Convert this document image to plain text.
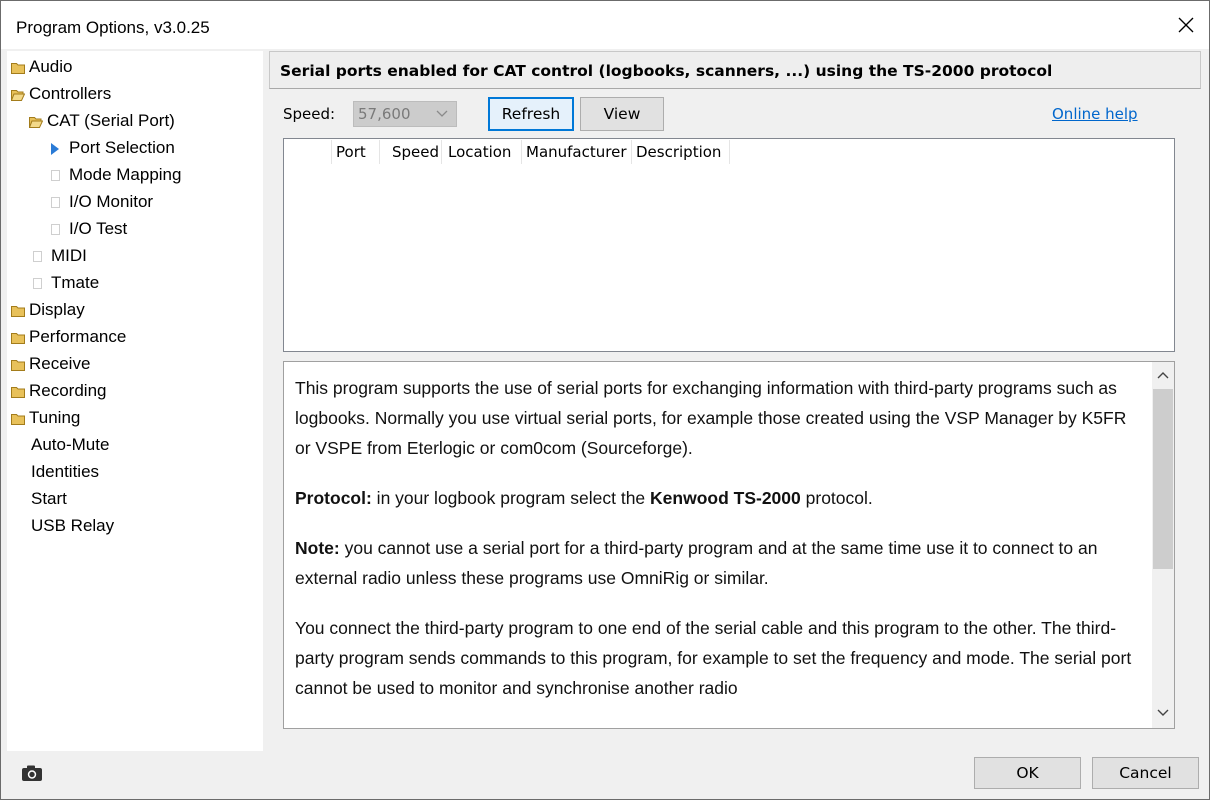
Program Options, v3.0.25
Audio
Controllers
CAT (Serial Port)
Port Selection
Mode Mapping
I/O Monitor
I/O Test
MIDI
Tmate
Display
Performance
Receive
Recording
Tuning
Auto-Mute
Identities
Start
USB Relay
Serial ports enabled for CAT control (logbooks, scanners, ...) using the TS-2000 protocol
Speed: 57,600	Refresh	View	Online help
Port	Speed Location Manufacturer Description

This program supports the use of serial ports for exchanging information with third-party programs such as logbooks. Normally you use virtual serial ports, for example those created using the VSP Manager by K5FR or VSPE from Eterlogic or com0com (Sourceforge).

Protocol: in your logbook program select the Kenwood TS-2000 protocol.

Note: you cannot use a serial port for a third-party program and at the same time use it to connect to an external radio unless these programs use OmniRig or similar.

You connect the third-party program to one end of the serial cable and this program to the other. The third-party program sends commands to this program, for example to set the frequency and mode. The serial port cannot be used to monitor and synchronise another radio

OK	Cancel
